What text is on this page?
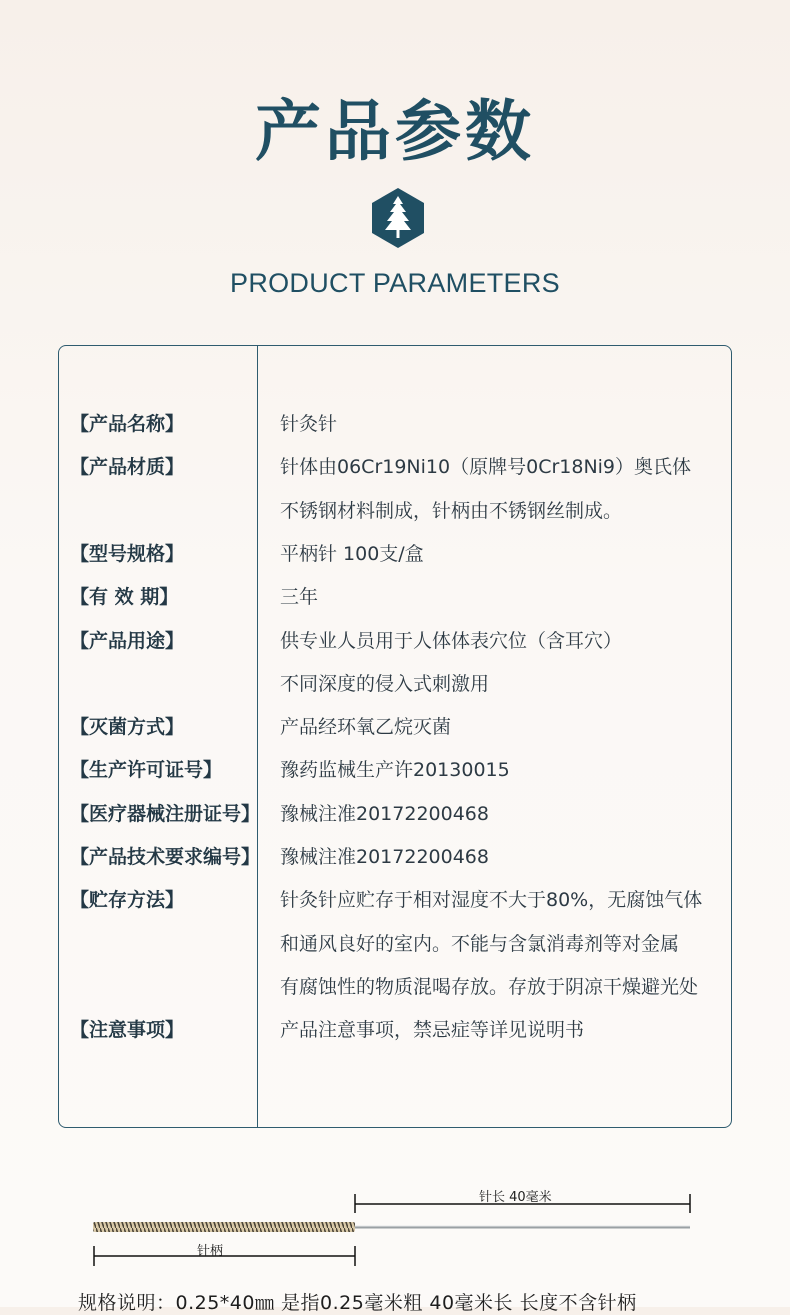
产品参数
PRODUCT PARAMETERS
【产品名称】	针灸针
【产品材质】	针体由06Cr19Ni10（原牌号0Cr18Ni9）奥氏体
不锈钢材料制成，针柄由不锈钢丝制成。
【型号规格】	平柄针 100支/盒
【有 效 期】	三年
【产品用途】	供专业人员用于人体体表穴位（含耳穴）
不同深度的侵入式刺激用
【灭菌方式】	产品经环氧乙烷灭菌
【生产许可证号】	豫药监械生产许20130015
【医疗器械注册证号】 豫械注准20172200468
【产品技术要求编号】 豫械注准20172200468
【贮存方法】	针灸针应贮存于相对湿度不大于80%，无腐蚀气体
和通风良好的室内。不能与含氯消毒剂等对金属
有腐蚀性的物质混喝存放。存放于阴凉干燥避光处
【注意事项】	产品注意事项，禁忌症等详见说明书
针长 40毫米
针柄
规格说明：0.25*40㎜ 是指0.25毫米粗 40毫米长 长度不含针柄
